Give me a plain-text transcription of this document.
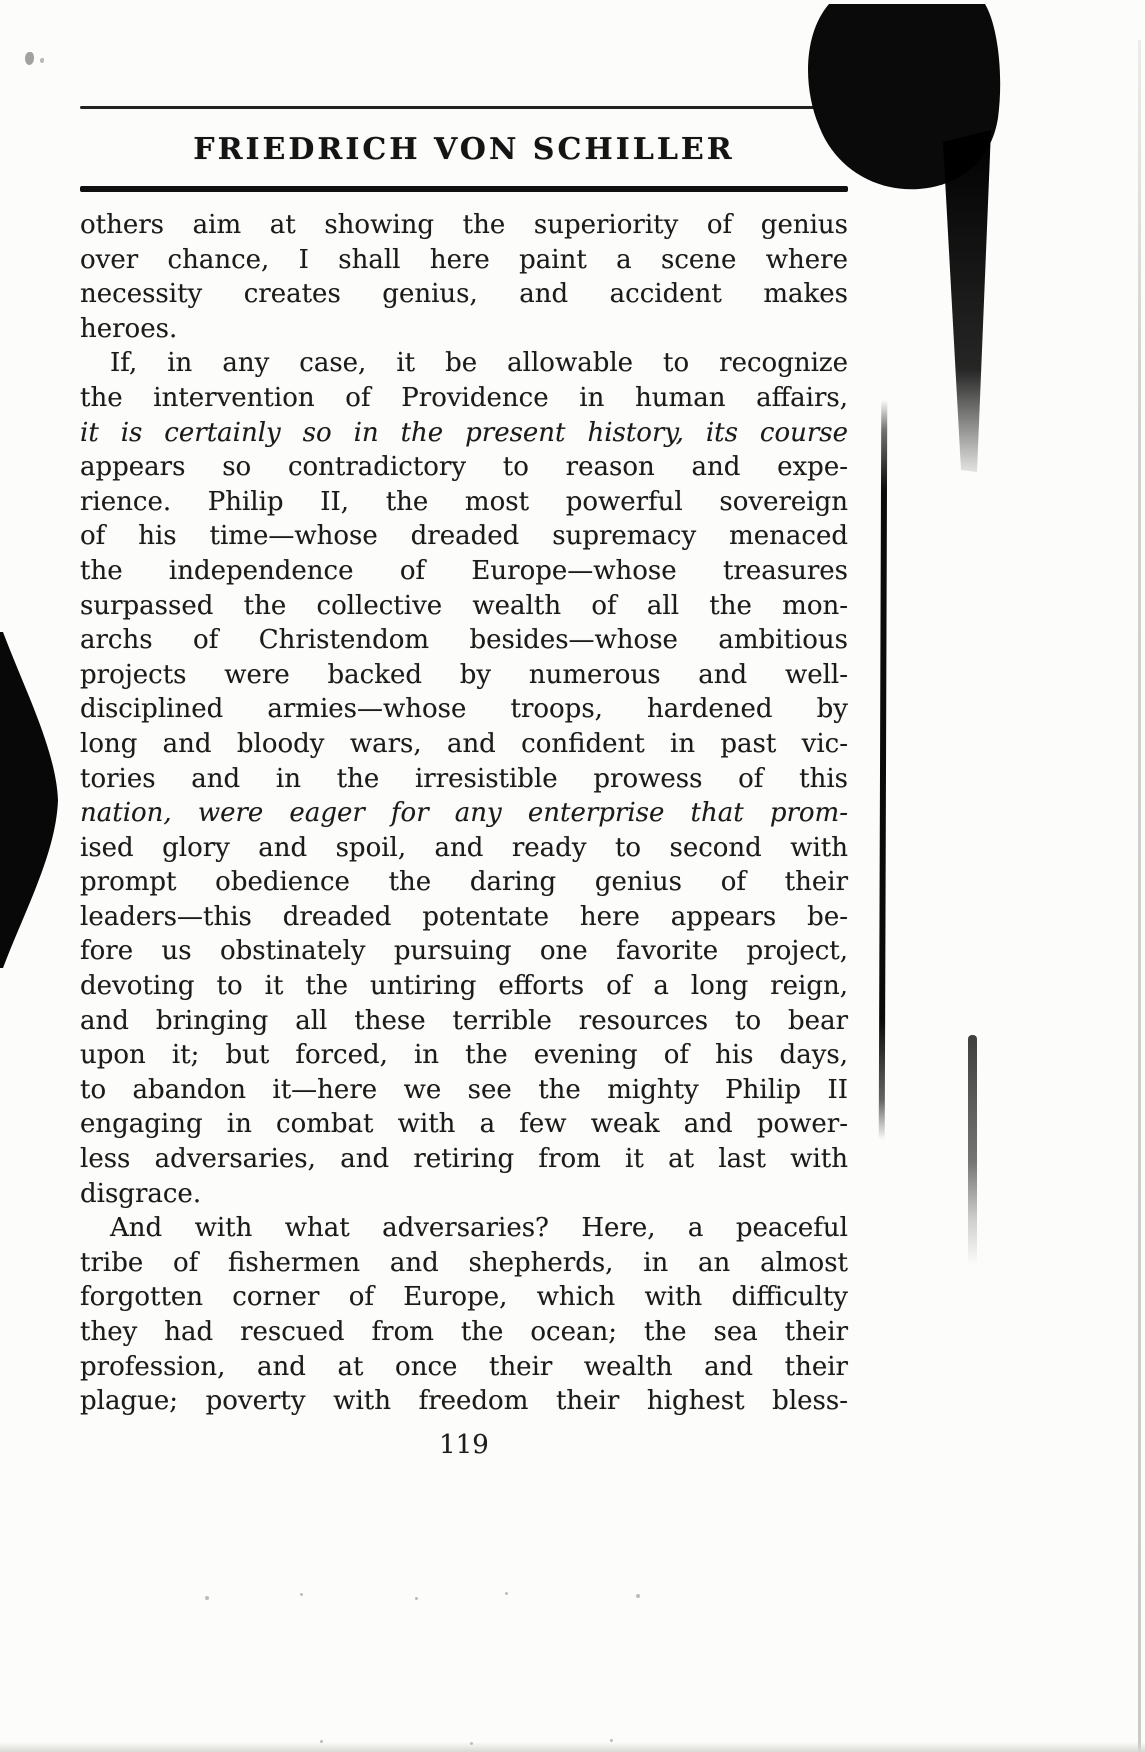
FRIEDRICH VON SCHILLER
others aim at showing the superiority of genius
over chance, I shall here paint a scene where
necessity creates genius, and accident makes
heroes.
If, in any case, it be allowable to recognize
the intervention of Providence in human affairs,
it is certainly so in the present history, its course
appears so contradictory to reason and expe-
rience. Philip II, the most powerful sovereign
of his time—whose dreaded supremacy menaced
the independence of Europe—whose treasures
surpassed the collective wealth of all the mon-
archs of Christendom besides—whose ambitious
projects were backed by numerous and well-
disciplined armies—whose troops, hardened by
long and bloody wars, and confident in past vic-
tories and in the irresistible prowess of this
nation, were eager for any enterprise that prom-
ised glory and spoil, and ready to second with
prompt obedience the daring genius of their
leaders—this dreaded potentate here appears be-
fore us obstinately pursuing one favorite project,
devoting to it the untiring efforts of a long reign,
and bringing all these terrible resources to bear
upon it; but forced, in the evening of his days,
to abandon it—here we see the mighty Philip II
engaging in combat with a few weak and power-
less adversaries, and retiring from it at last with
disgrace.
And with what adversaries? Here, a peaceful
tribe of fishermen and shepherds, in an almost
forgotten corner of Europe, which with difficulty
they had rescued from the ocean; the sea their
profession, and at once their wealth and their
plague; poverty with freedom their highest bless-
119
